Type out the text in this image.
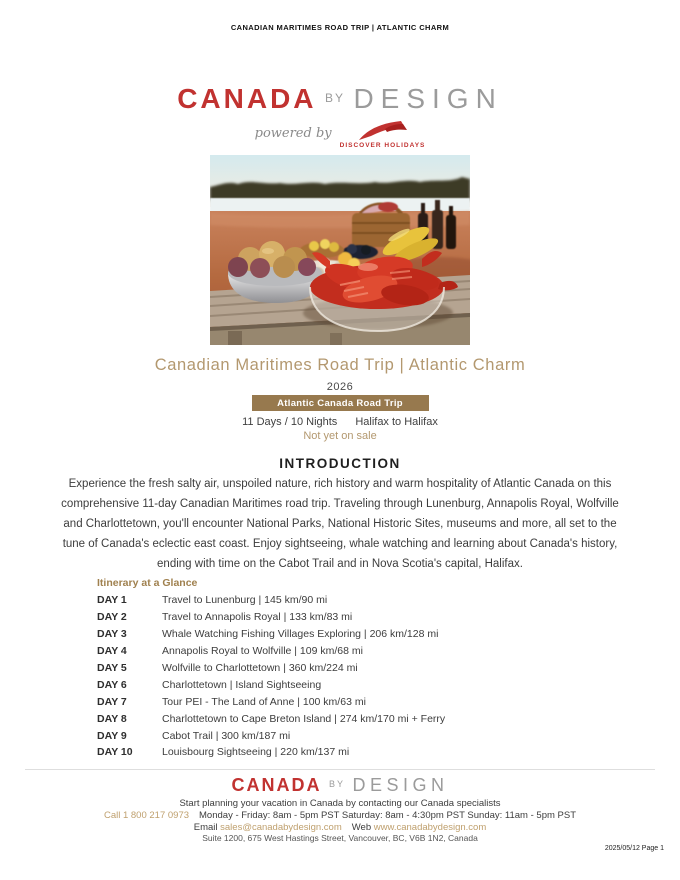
CANADIAN MARITIMES ROAD TRIP | ATLANTIC CHARM
CANADA $^{BY}$ DESIGN
powered by
DISCOVER HOLIDAYS
Canadian Maritimes Road Trip | Atlantic Charm
2026
Atlantic Canada Road Trip
11 Days / 10 Nights Halifax to Halifax
Not yet on sale
INTRODUCTION
Experience the fresh salty air, unspoiled nature, rich history and warm hospitality of Atlantic Canada on this comprehensive 11-day Canadian Maritimes road trip. Traveling through Lunenburg, Annapolis Royal, Wolfville and Charlottetown, you'll encounter National Parks, National Historic Sites, museums and more, all set to the tune of Canada's eclectic east coast. Enjoy sightseeing, whale watching and learning about Canada's history, ending with time on the Cabot Trail and in Nova Scotia's capital, Halifax.
Itinerary at a Glance
DAY 1	Travel to Lunenburg | 145 km/90 mi
DAY 2	Travel to Annapolis Royal | 133 km/83 mi
DAY 3	Whale Watching Fishing Villages Exploring | 206 km/128 mi
DAY 4	Annapolis Royal to Wolfville | 109 km/68 mi
DAY 5	Wolfville to Charlottetown | 360 km/224 mi
DAY 6	Charlottetown | Island Sightseeing
DAY 7	Tour PEI - The Land of Anne | 100 km/63 mi
DAY 8	Charlottetown to Cape Breton Island | 274 km/170 mi + Ferry
DAY 9	Cabot Trail | 300 km/187 mi
DAY 10	Louisbourg Sightseeing | 220 km/137 mi
CANADA $^{BY}$ DESIGN
Start planning your vacation in Canada by contacting our Canada specialists
Call 1 800 217 0973 Monday - Friday: 8am - 5pm PST Saturday: 8am - 4:30pm PST Sunday: 11am - 5pm PST
Email sales@canadabydesign.com Web www.canadabydesign.com
Suite 1200, 675 West Hastings Street, Vancouver, BC, V6B 1N2, Canada
2025/05/12 Page 1
